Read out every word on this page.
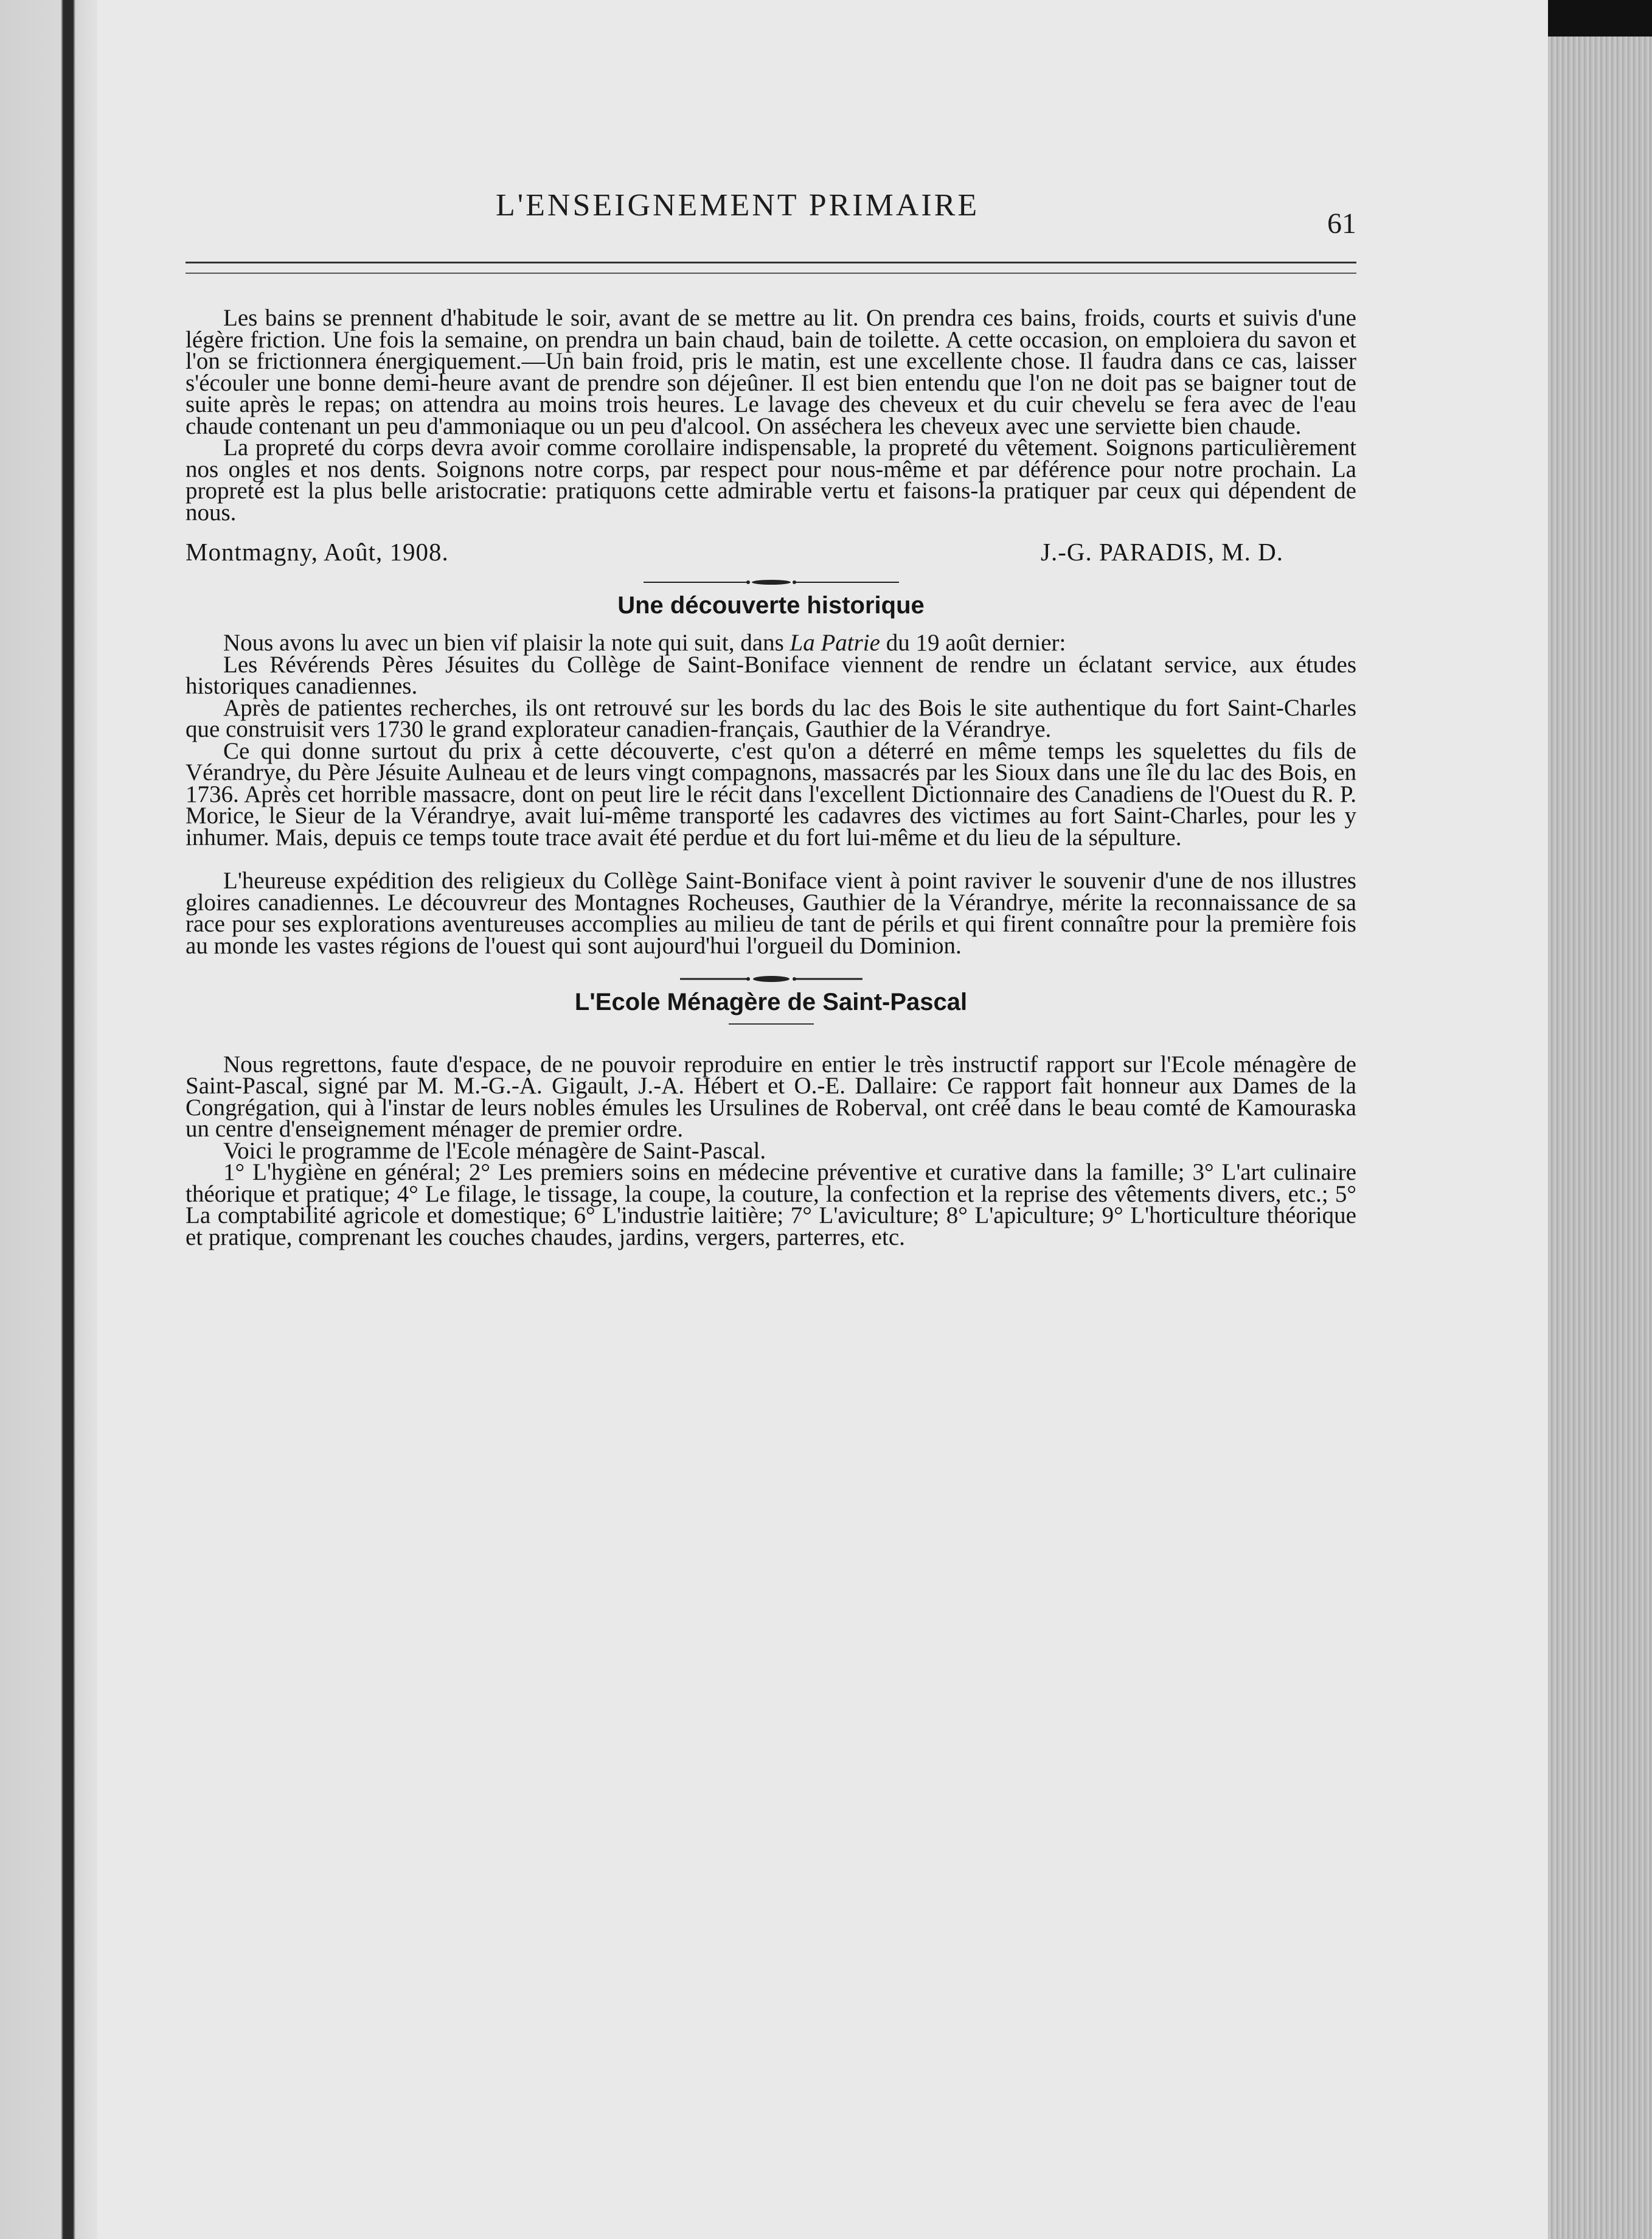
L'ENSEIGNEMENT PRIMAIRE
61

Les bains se prennent d'habitude le soir, avant de se mettre au lit. On prendra ces bains, froids, courts et suivis d'une légère friction. Une fois la semaine, on prendra un bain chaud, bain de toilette. A cette occasion, on emploiera du savon et l'on se frictionnera énergiquement.—Un bain froid, pris le matin, est une excellente chose. Il faudra dans ce cas, laisser s'écouler une bonne demi-heure avant de prendre son déjeûner. Il est bien entendu que l'on ne doit pas se baigner tout de suite après le repas; on attendra au moins trois heures. Le lavage des cheveux et du cuir chevelu se fera avec de l'eau chaude contenant un peu d'ammoniaque ou un peu d'alcool. On asséchera les cheveux avec une serviette bien chaude.

La propreté du corps devra avoir comme corollaire indispensable, la propreté du vêtement. Soignons particulièrement nos ongles et nos dents. Soignons notre corps, par respect pour nous-même et par déférence pour notre prochain. La propreté est la plus belle aristocratie: pratiquons cette admirable vertu et faisons-la pratiquer par ceux qui dépendent de nous.

Montmagny, Août, 1908.	J.-G. PARADIS, M. D.
Une découverte historique

Nous avons lu avec un bien vif plaisir la note qui suit, dans La Patrie du 19 août dernier:

Les Révérends Pères Jésuites du Collège de Saint-Boniface viennent de rendre un éclatant service, aux études historiques canadiennes.

Après de patientes recherches, ils ont retrouvé sur les bords du lac des Bois le site authentique du fort Saint-Charles que construisit vers 1730 le grand explorateur canadien-français, Gauthier de la Vérandrye.

Ce qui donne surtout du prix à cette découverte, c'est qu'on a déterré en même temps les squelettes du fils de Vérandrye, du Père Jésuite Aulneau et de leurs vingt compagnons, massacrés par les Sioux dans une île du lac des Bois, en 1736. Après cet horrible massacre, dont on peut lire le récit dans l'excellent Dictionnaire des Canadiens de l'Ouest du R. P. Morice, le Sieur de la Vérandrye, avait lui-même transporté les cadavres des victimes au fort Saint-Charles, pour les y inhumer. Mais, depuis ce temps toute trace avait été perdue et du fort lui-même et du lieu de la sépulture.

L'heureuse expédition des religieux du Collège Saint-Boniface vient à point raviver le souvenir d'une de nos illustres gloires canadiennes. Le découvreur des Montagnes Rocheuses, Gauthier de la Vérandrye, mérite la reconnaissance de sa race pour ses explorations aventureuses accomplies au milieu de tant de périls et qui firent connaître pour la première fois au monde les vastes régions de l'ouest qui sont aujourd'hui l'orgueil du Dominion.

L'Ecole Ménagère de Saint-Pascal

Nous regrettons, faute d'espace, de ne pouvoir reproduire en entier le très instructif rapport sur l'Ecole ménagère de Saint-Pascal, signé par M. M.-G.-A. Gigault, J.-A. Hébert et O.-E. Dallaire: Ce rapport fait honneur aux Dames de la Congrégation, qui à l'instar de leurs nobles émules les Ursulines de Roberval, ont créé dans le beau comté de Kamouraska un centre d'enseignement ménager de premier ordre.

Voici le programme de l'Ecole ménagère de Saint-Pascal.

1° L'hygiène en général; 2° Les premiers soins en médecine préventive et curative dans la famille; 3° L'art culinaire théorique et pratique; 4° Le filage, le tissage, la coupe, la couture, la confection et la reprise des vêtements divers, etc.; 5° La comptabilité agricole et domestique; 6° L'industrie laitière; 7° L'aviculture; 8° L'apiculture; 9° L'horticulture théorique et pratique, comprenant les couches chaudes, jardins, vergers, parterres, etc.
